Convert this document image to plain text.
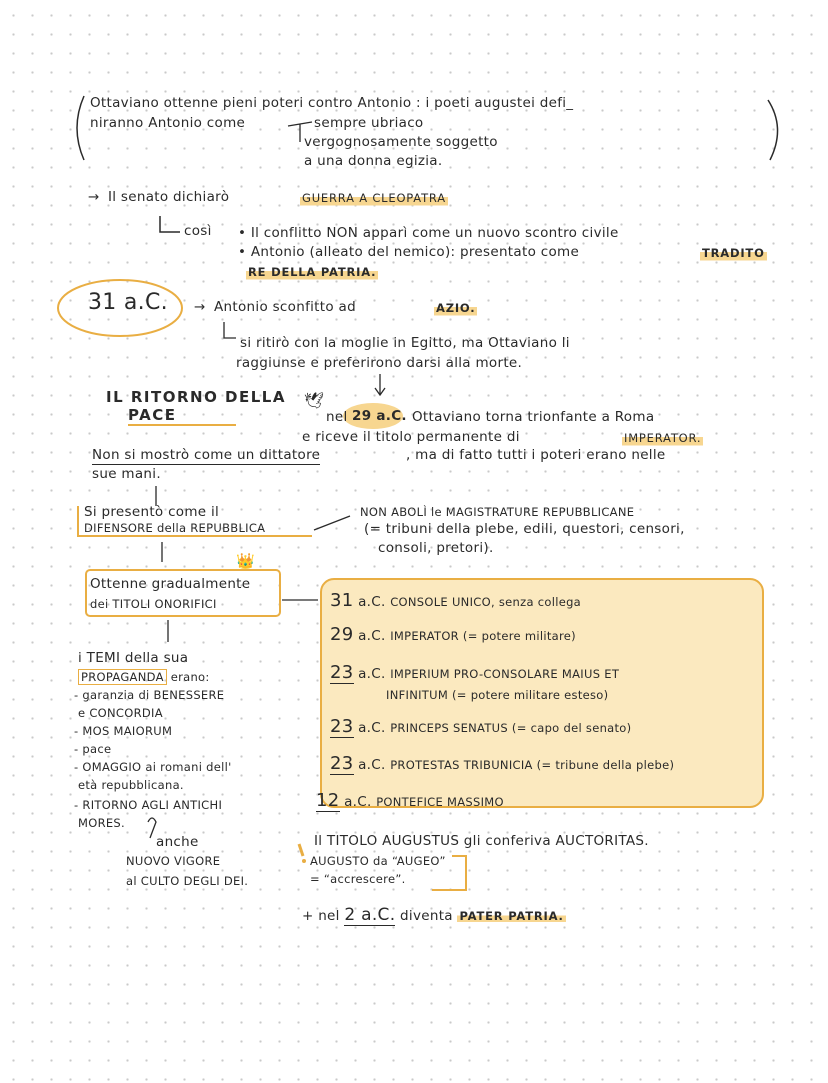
Ottaviano ottenne pieni poteri contro Antonio : i poeti augustei defi_
niranno Antonio come	sempre ubriaco
vergognosamente soggetto
a una donna egizia.
→ Il senato dichiarò	GUERRA A CLEOPATRA
così • Il conflitto NON apparì come un nuovo scontro civile
• Antonio (alleato del nemico): presentato come	TRADITO
RE DELLA PATRIA.
31 a.C. → Antonio sconfitto ad	AZIO.
si ritirò con la moglie in Egitto, ma Ottaviano li
raggiunse e preferirono darsi alla morte.
IL RITORNO DELLA
PACE
🕊
nel 29 a.C. Ottaviano torna trionfante a Roma
e riceve il titolo permanente di	IMPERATOR.
Non si mostrò come un dittatore	, ma di fatto tutti i poteri erano nelle
sue mani.
Si presentò come il
DIFENSORE della REPUBBLICA
NON ABOLÌ le MAGISTRATURE REPUBBLICANE
(= tribuni della plebe, edili, questori, censori,
consoli, pretori).
👑
Ottenne gradualmente
dei TITOLI ONORIFICI	31 a.C. CONSOLE UNICO, senza collega
29 a.C. IMPERATOR (= potere militare)
23 a.C. IMPERIUM PRO-CONSOLARE MAIUS ET
INFINITUM (= potere militare esteso)
23 a.C. PRINCEPS SENATUS (= capo del senato)
23 a.C. PROTESTAS TRIBUNICIA (= tribune della plebe)
12 a.C. PONTEFICE MASSIMO
i TEMI della sua
PROPAGANDA erano:
- garanzia di BENESSERE
e CONCORDIA
- MOS MAIORUM
- pace
- OMAGGIO ai romani dell'
età repubblicana.
- RITORNO AGLI ANTICHI
MORES.
anche
NUOVO VIGORE
al CULTO DEGLI DEI.
Il TITOLO AUGUSTUS gli conferiva AUCTORITAS.
AUGUSTO da “AUGEO”
= “accrescere”.
+ nel 2 a.C. diventa PATER PATRIA.
